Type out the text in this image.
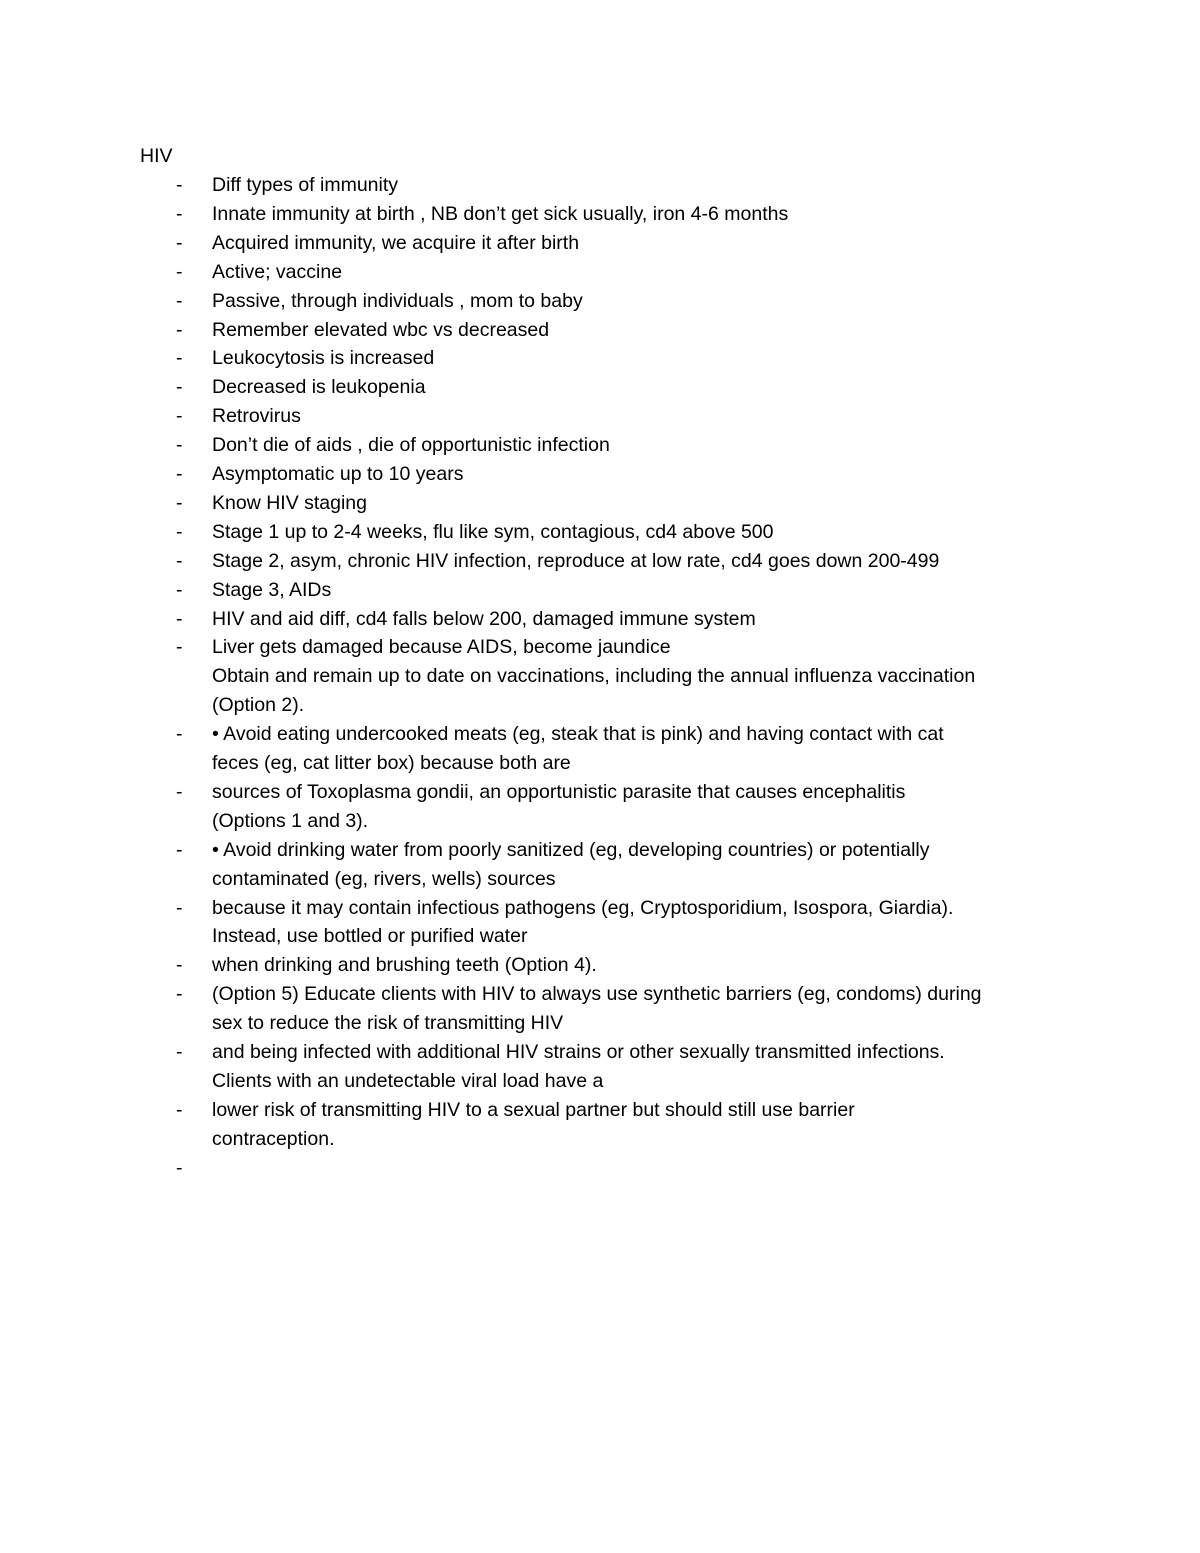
HIV
-	Diff types of immunity
-	Innate immunity at birth , NB don’t get sick usually, iron 4-6 months
-	Acquired immunity, we acquire it after birth
-	Active; vaccine
-	Passive, through individuals , mom to baby
-	Remember elevated wbc vs decreased
-	Leukocytosis is increased
-	Decreased is leukopenia
-	Retrovirus
-	Don’t die of aids , die of opportunistic infection
-	Asymptomatic up to 10 years
-	Know HIV staging
-	Stage 1 up to 2-4 weeks, flu like sym, contagious, cd4 above 500
-	Stage 2, asym, chronic HIV infection, reproduce at low rate, cd4 goes down 200-499
-	Stage 3, AIDs
-	HIV and aid diff, cd4 falls below 200, damaged immune system
-	Liver gets damaged because AIDS, become jaundice
Obtain and remain up to date on vaccinations, including the annual influenza vaccination
(Option 2).
-	• Avoid eating undercooked meats (eg, steak that is pink) and having contact with cat
feces (eg, cat litter box) because both are
-	sources of Toxoplasma gondii, an opportunistic parasite that causes encephalitis
(Options 1 and 3).
-	• Avoid drinking water from poorly sanitized (eg, developing countries) or potentially
contaminated (eg, rivers, wells) sources
-	because it may contain infectious pathogens (eg, Cryptosporidium, Isospora, Giardia).
Instead, use bottled or purified water
-	when drinking and brushing teeth (Option 4).
-	(Option 5) Educate clients with HIV to always use synthetic barriers (eg, condoms) during
sex to reduce the risk of transmitting HIV
-	and being infected with additional HIV strains or other sexually transmitted infections.
Clients with an undetectable viral load have a
-	lower risk of transmitting HIV to a sexual partner but should still use barrier
contraception.
-
